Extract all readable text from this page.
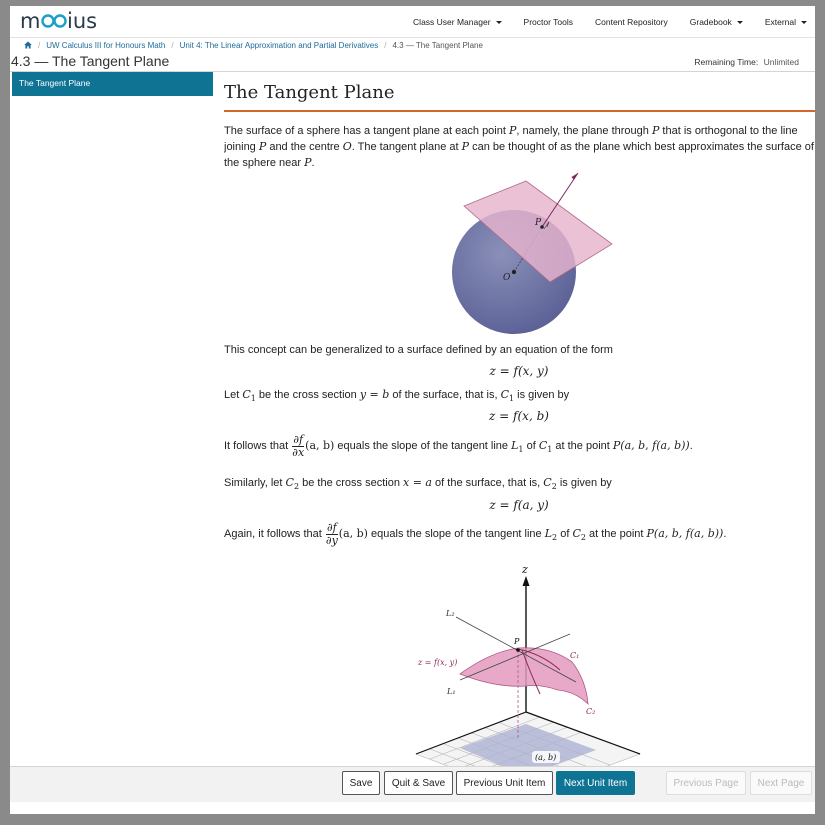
m ius
möbius
Class User Manager	Proctor Tools	Content Repository	Gradebook	External
/ UW Calculus III for Honours Math / Unit 4: The Linear Approximation and Partial Derivatives / 4.3 — The Tangent Plane
4.3 — The Tangent Plane	Remaining Time: Unlimited
The Tangent Plane	The Tangent Plane
The surface of a sphere has a tangent plane at each point P, namely, the plane through P that is orthogonal to the line joining P and the centre O. The tangent plane at P can be thought of as the plane which best approximates the surface of the sphere near P.
O
P
This concept can be generalized to a surface defined by an equation of the form
z = f(x, y)
Let $C_1$ be the cross section y = b of the surface, that is, $C_1$ is given by
z = f(x, b)
It follows that $\frac{\partial f}{\partial x} (a$, b) equals the slope of the tangent line $L_1$ of $C_1$ at the point P(a, b, f(a, b)).
Similarly, let $C_2$ be the cross section x = a of the surface, that is, $C_2$ is given by
z = f(a, y)
Again, it follows that $\frac{\partial f}{\partial y} (a$, b) equals the slope of the tangent line $L_2$ of $C_2$ at the point P(a, b, f(a, b)).
z
P
L₂
L₁
C₁
C₂
z = f(x, y)
(a, b)
Save	Quit & Save	Previous Unit Item	Next Unit Item	Previous Page	Next Page
